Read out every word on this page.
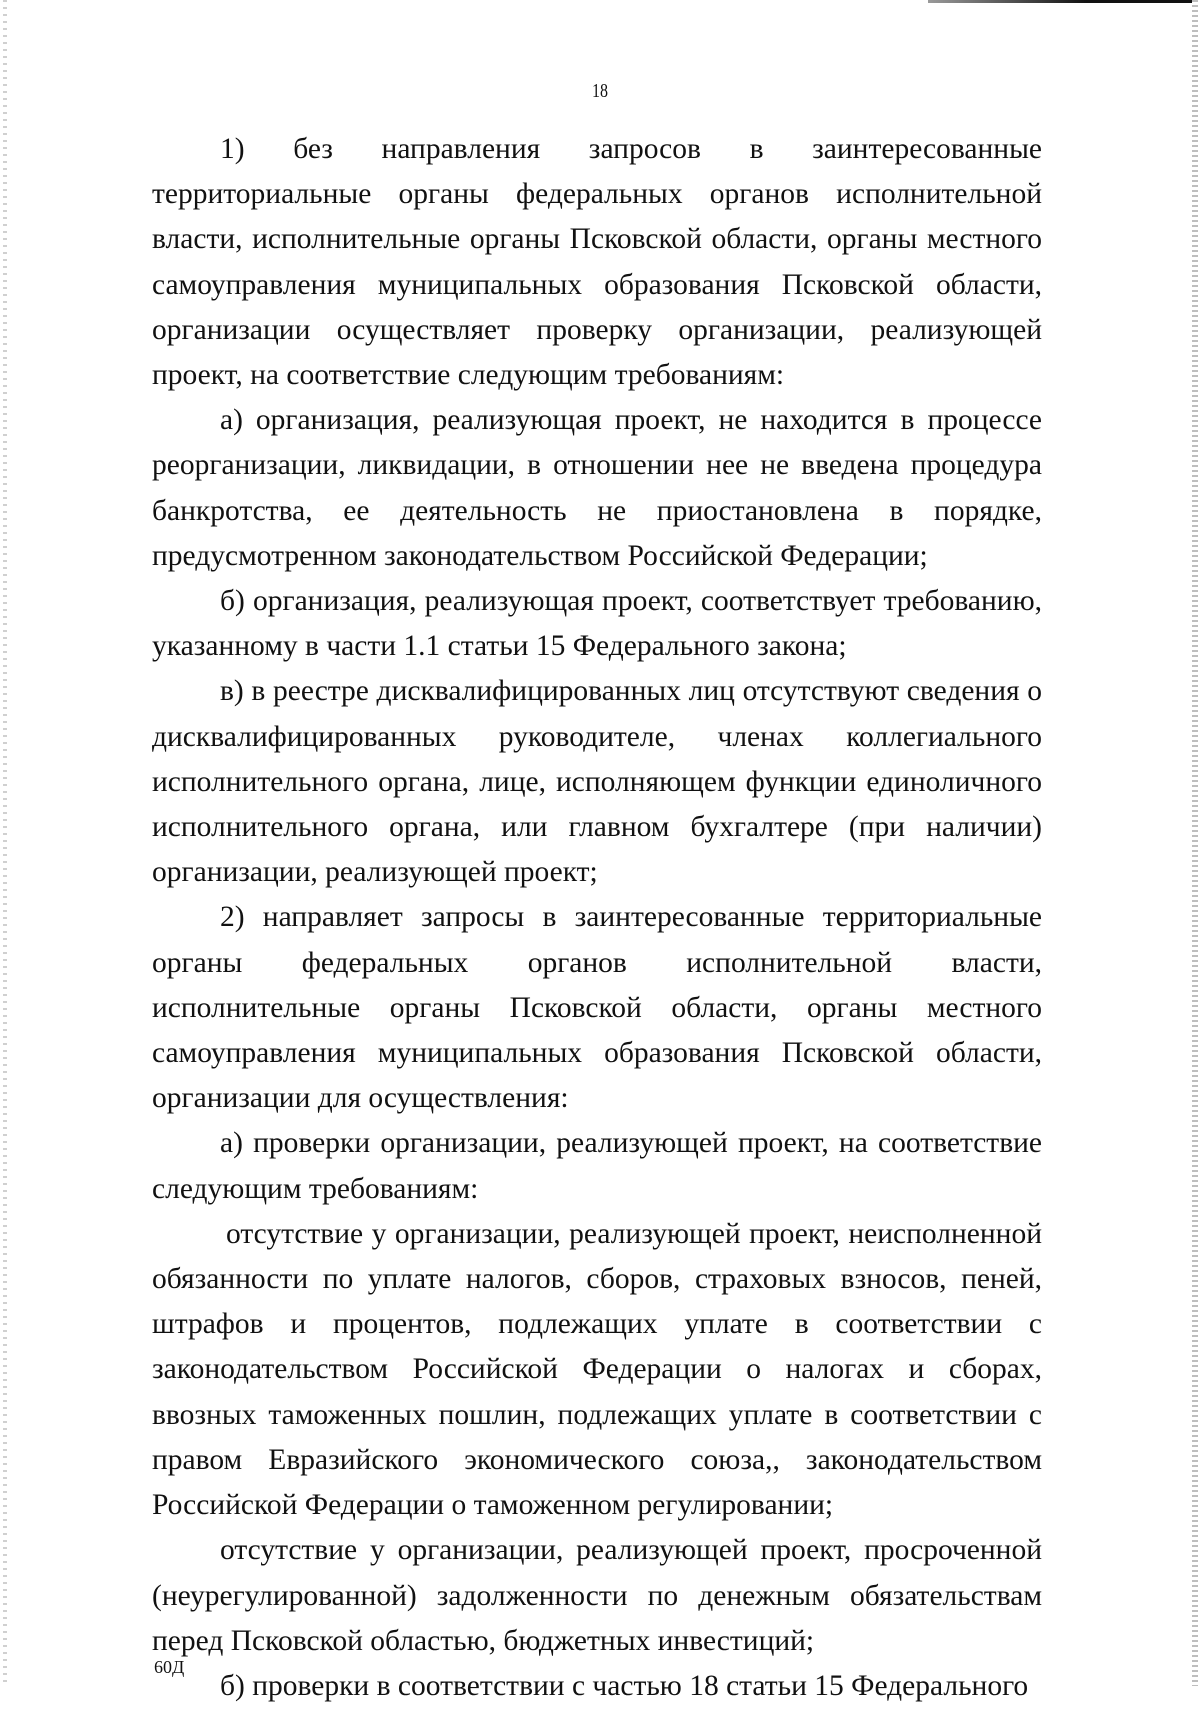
18

1) без направления запросов в заинтересованные территориальные органы федеральных органов исполнительной власти, исполнительные органы Псковской области, органы местного самоуправления муниципальных образования Псковской области, организации осуществляет проверку организации, реализующей проект, на соответствие следующим требованиям:

а) организация, реализующая проект, не находится в процессе реорганизации, ликвидации, в отношении нее не введена процедура банкротства, ее деятельность не приостановлена в порядке, предусмотренном законодательством Российской Федерации;

б) организация, реализующая проект, соответствует требованию, указанному в части 1.1 статьи 15 Федерального закона;

в) в реестре дисквалифицированных лиц отсутствуют сведения о дисквалифицированных руководителе, членах коллегиального исполнительного органа, лице, исполняющем функции единоличного исполнительного органа, или главном бухгалтере (при наличии) организации, реализующей проект;

2) направляет запросы в заинтересованные территориальные органы федеральных органов исполнительной власти, исполнительные органы Псковской области, органы местного самоуправления муниципальных образования Псковской области, организации для осуществления:

а) проверки организации, реализующей проект, на соответствие следующим требованиям:

отсутствие у организации, реализующей проект, неисполненной обязанности по уплате налогов, сборов, страховых взносов, пеней, штрафов и процентов, подлежащих уплате в соответствии с законодательством Российской Федерации о налогах и сборах, ввозных таможенных пошлин, подлежащих уплате в соответствии с правом Евразийского экономического союза,, законодательством Российской Федерации о таможенном регулировании;

отсутствие у организации, реализующей проект, просроченной (неурегулированной) задолженности по денежным обязательствам перед Псковской областью, бюджетных инвестиций;

б) проверки в соответствии с частью 18 статьи 15 Федерального

60Д
